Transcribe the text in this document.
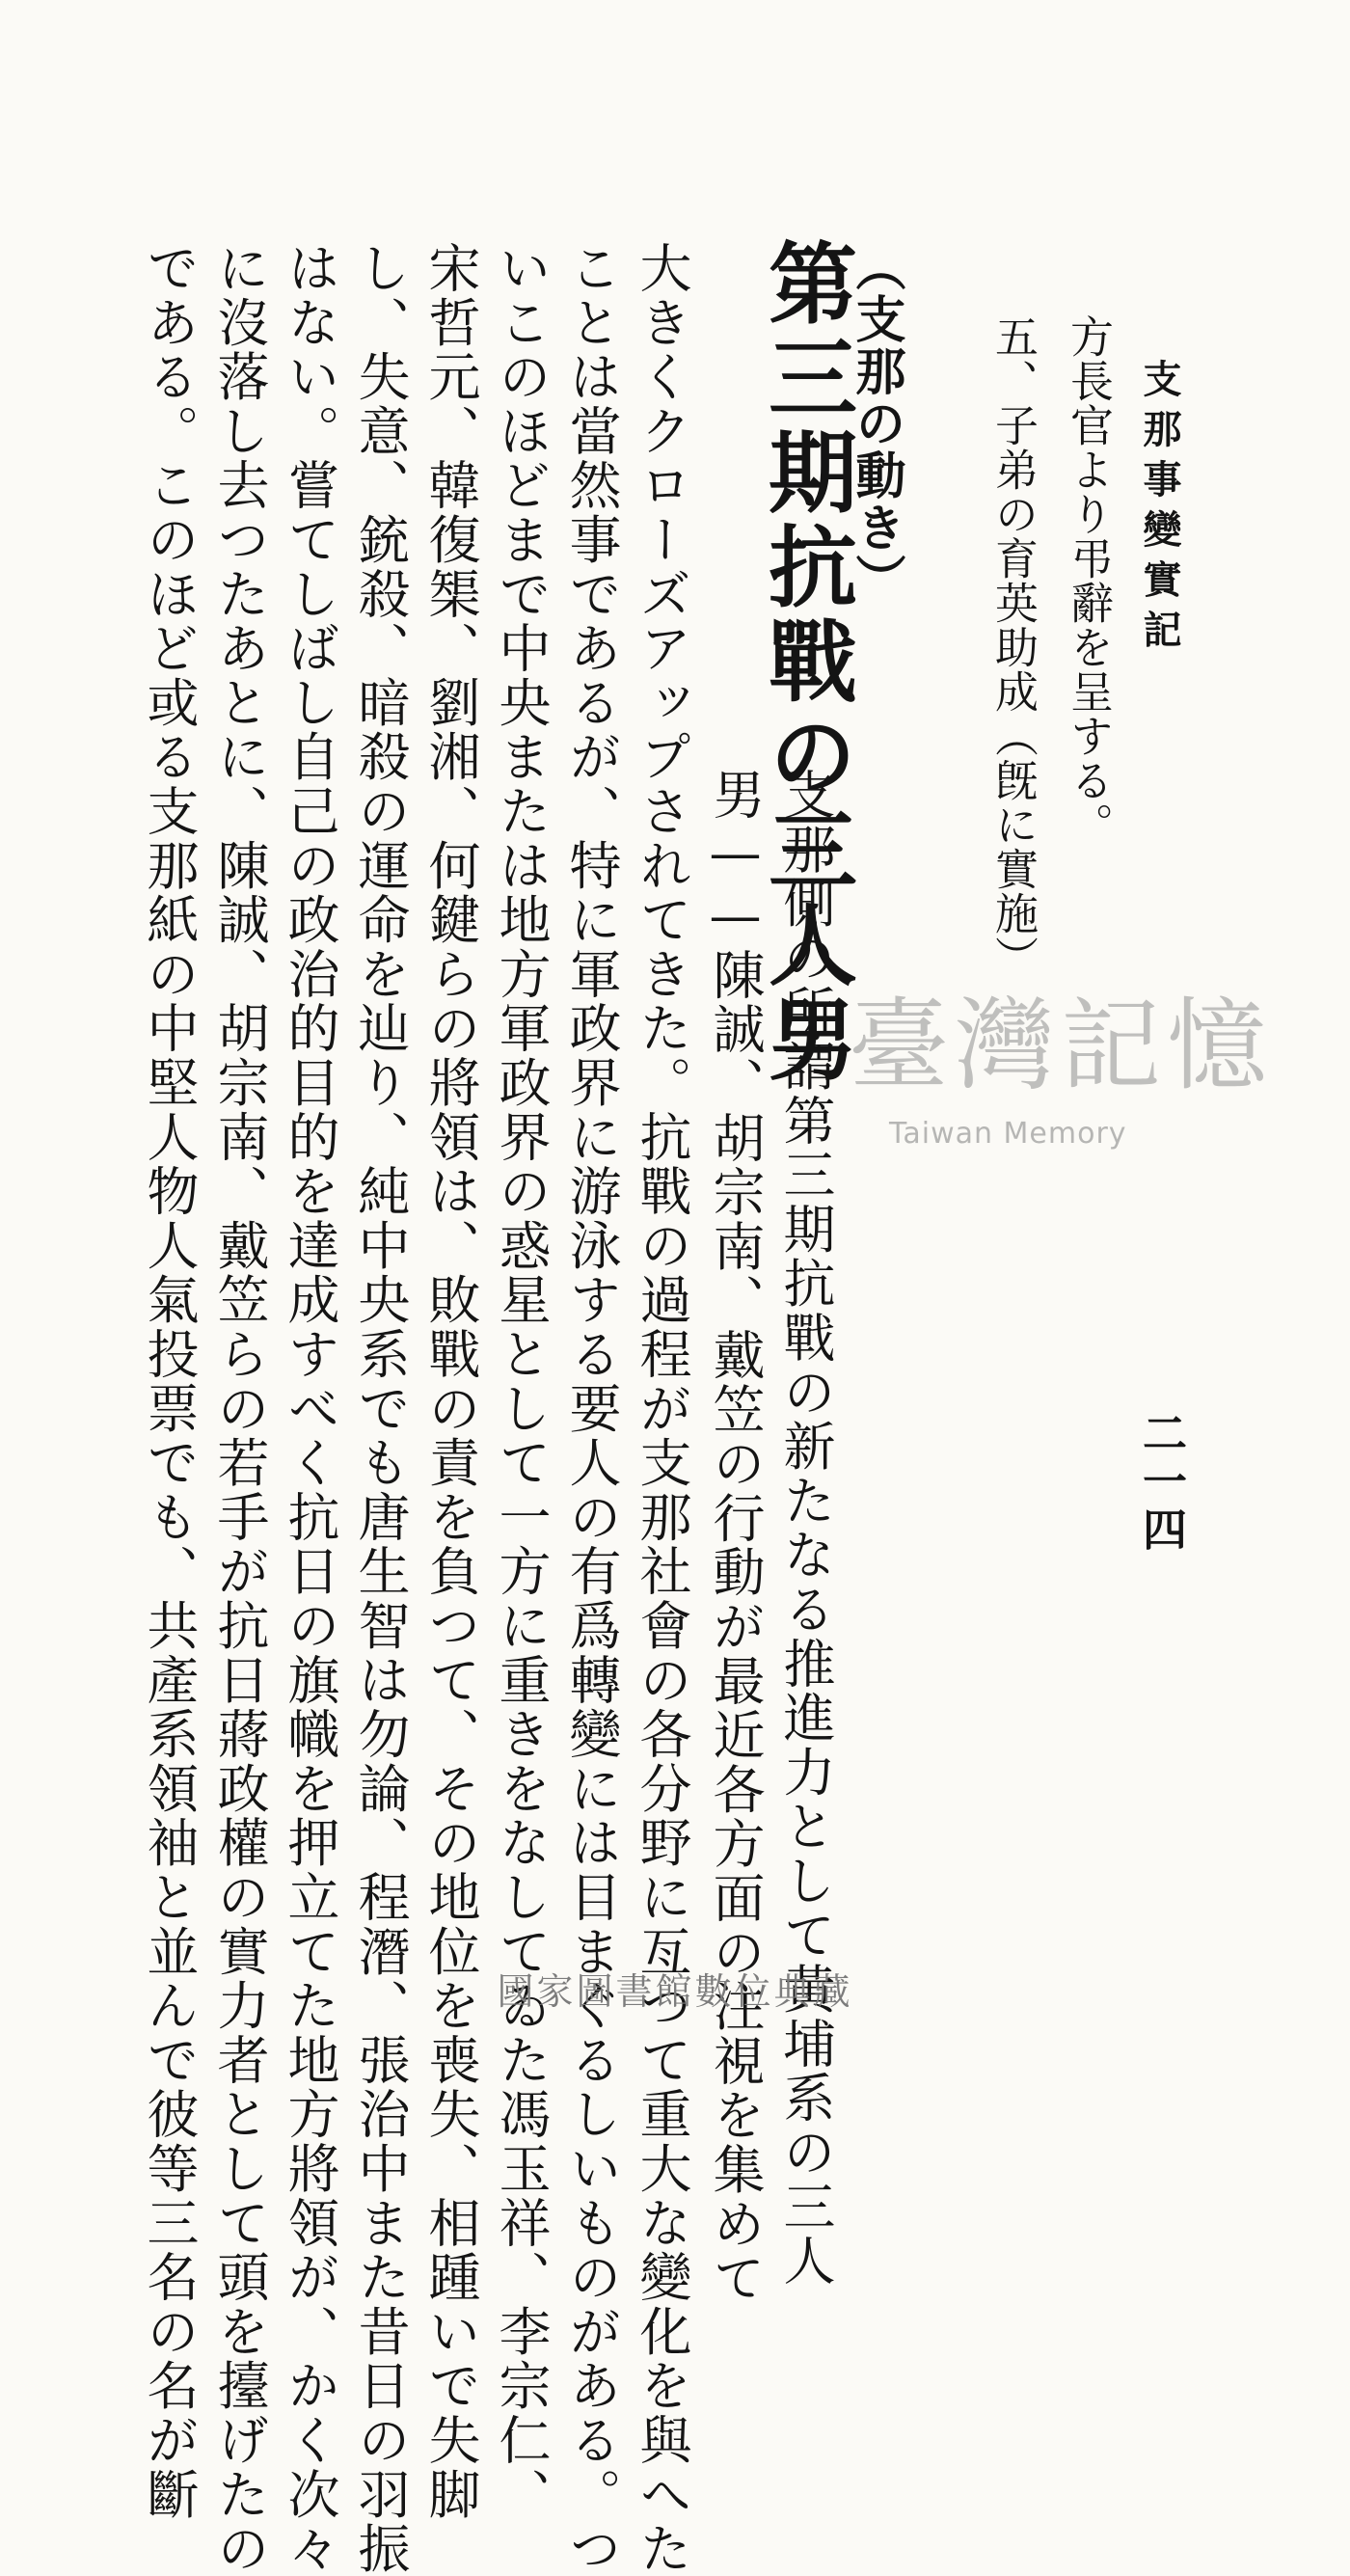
支那事變實記
二一四
方長官より弔辭を呈する。
五、子弟の育英助成（旣に實施）
（支那の動き）
第三期抗戰の三人男
支那側の所謂第三期抗戰の新たなる推進力として黃埔系の三人
男——陳誠、胡宗南、戴笠の行動が最近各方面の注視を集めて
大きくクローズアップされてきた。抗戰の過程が支那社會の各分野に亙つて重大な變化を與へた
ことは當然事であるが、特に軍政界に游泳する要人の有爲轉變には目まぐるしいものがある。つ
いこのほどまで中央または地方軍政界の惑星として一方に重きをなしてゐた馮玉祥、李宗仁、
宋哲元、韓復榘、劉湘、何鍵らの將領は、敗戰の責を負つて、その地位を喪失、相踵いで失脚
し、失意、銃殺、暗殺の運命を辿り、純中央系でも唐生智は勿論、程潛、張治中また昔日の羽振
はない。嘗てしばし自己の政治的目的を達成すべく抗日の旗幟を押立てた地方將領が、かく次々
に沒落し去つたあとに、陳誠、胡宗南、戴笠らの若手が抗日蔣政權の實力者として頭を擡げたの
である。このほど或る支那紙の中堅人物人氣投票でも、共產系領袖と並んで彼等三名の名が斷	臺灣記憶
Taiwan Memory
國家圖書館數位典藏
